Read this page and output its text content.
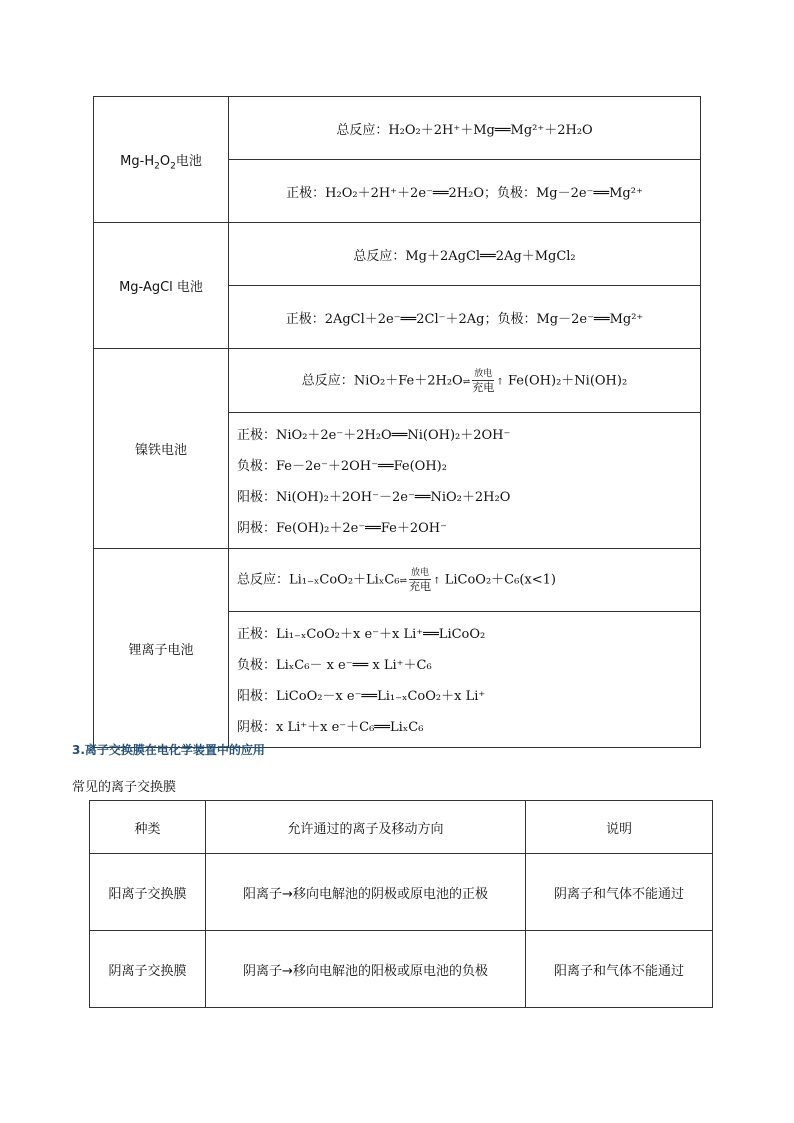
$Mg-H_2O_2$电池	总反应：H₂O₂＋2H⁺＋Mg══Mg²⁺＋2H₂O
	正极：H₂O₂＋2H⁺＋2e⁻══2H₂O；负极：Mg－2e⁻══Mg²⁺
Mg-AgCl 电池	总反应：Mg＋2AgCl══2Ag＋MgCl₂
	正极：2AgCl＋2e⁻══2Cl⁻＋2Ag；负极：Mg－2e⁻══Mg²⁺
镍铁电池	总反应：NiO₂＋Fe＋2H₂O⇌
放电
充电 ↑ Fe(OH)₂＋Ni(OH)₂

	正极：NiO₂＋2e⁻＋2H₂O══Ni(OH)₂＋2OH⁻
负极：Fe－2e⁻＋2OH⁻══Fe(OH)₂
阳极：Ni(OH)₂＋2OH⁻－2e⁻══NiO₂＋2H₂O
阴极：Fe(OH)₂＋2e⁻══Fe＋2OH⁻

锂离子电池	总反应：Li₁₋ₓCoO₂＋LiₓC₆⇌
放电
充电 ↑ LiCoO₂＋C₆(x<1)

	正极：Li₁₋ₓCoO₂＋x e⁻＋x Li⁺══LiCoO₂
负极：LiₓC₆－ x e⁻══ x Li⁺＋C₆
阳极：LiCoO₂－x e⁻══Li₁₋ₓCoO₂＋x Li⁺
阴极：x Li⁺＋x e⁻＋C₆══LiₓC₆
3.离子交换膜在电化学装置中的应用
常见的离子交换膜
种类	允许通过的离子及移动方向	说明
阳离子交换膜	阳离子→移向电解池的阴极或原电池的正极	阴离子和气体不能通过
阴离子交换膜	阴离子→移向电解池的阳极或原电池的负极	阳离子和气体不能通过
